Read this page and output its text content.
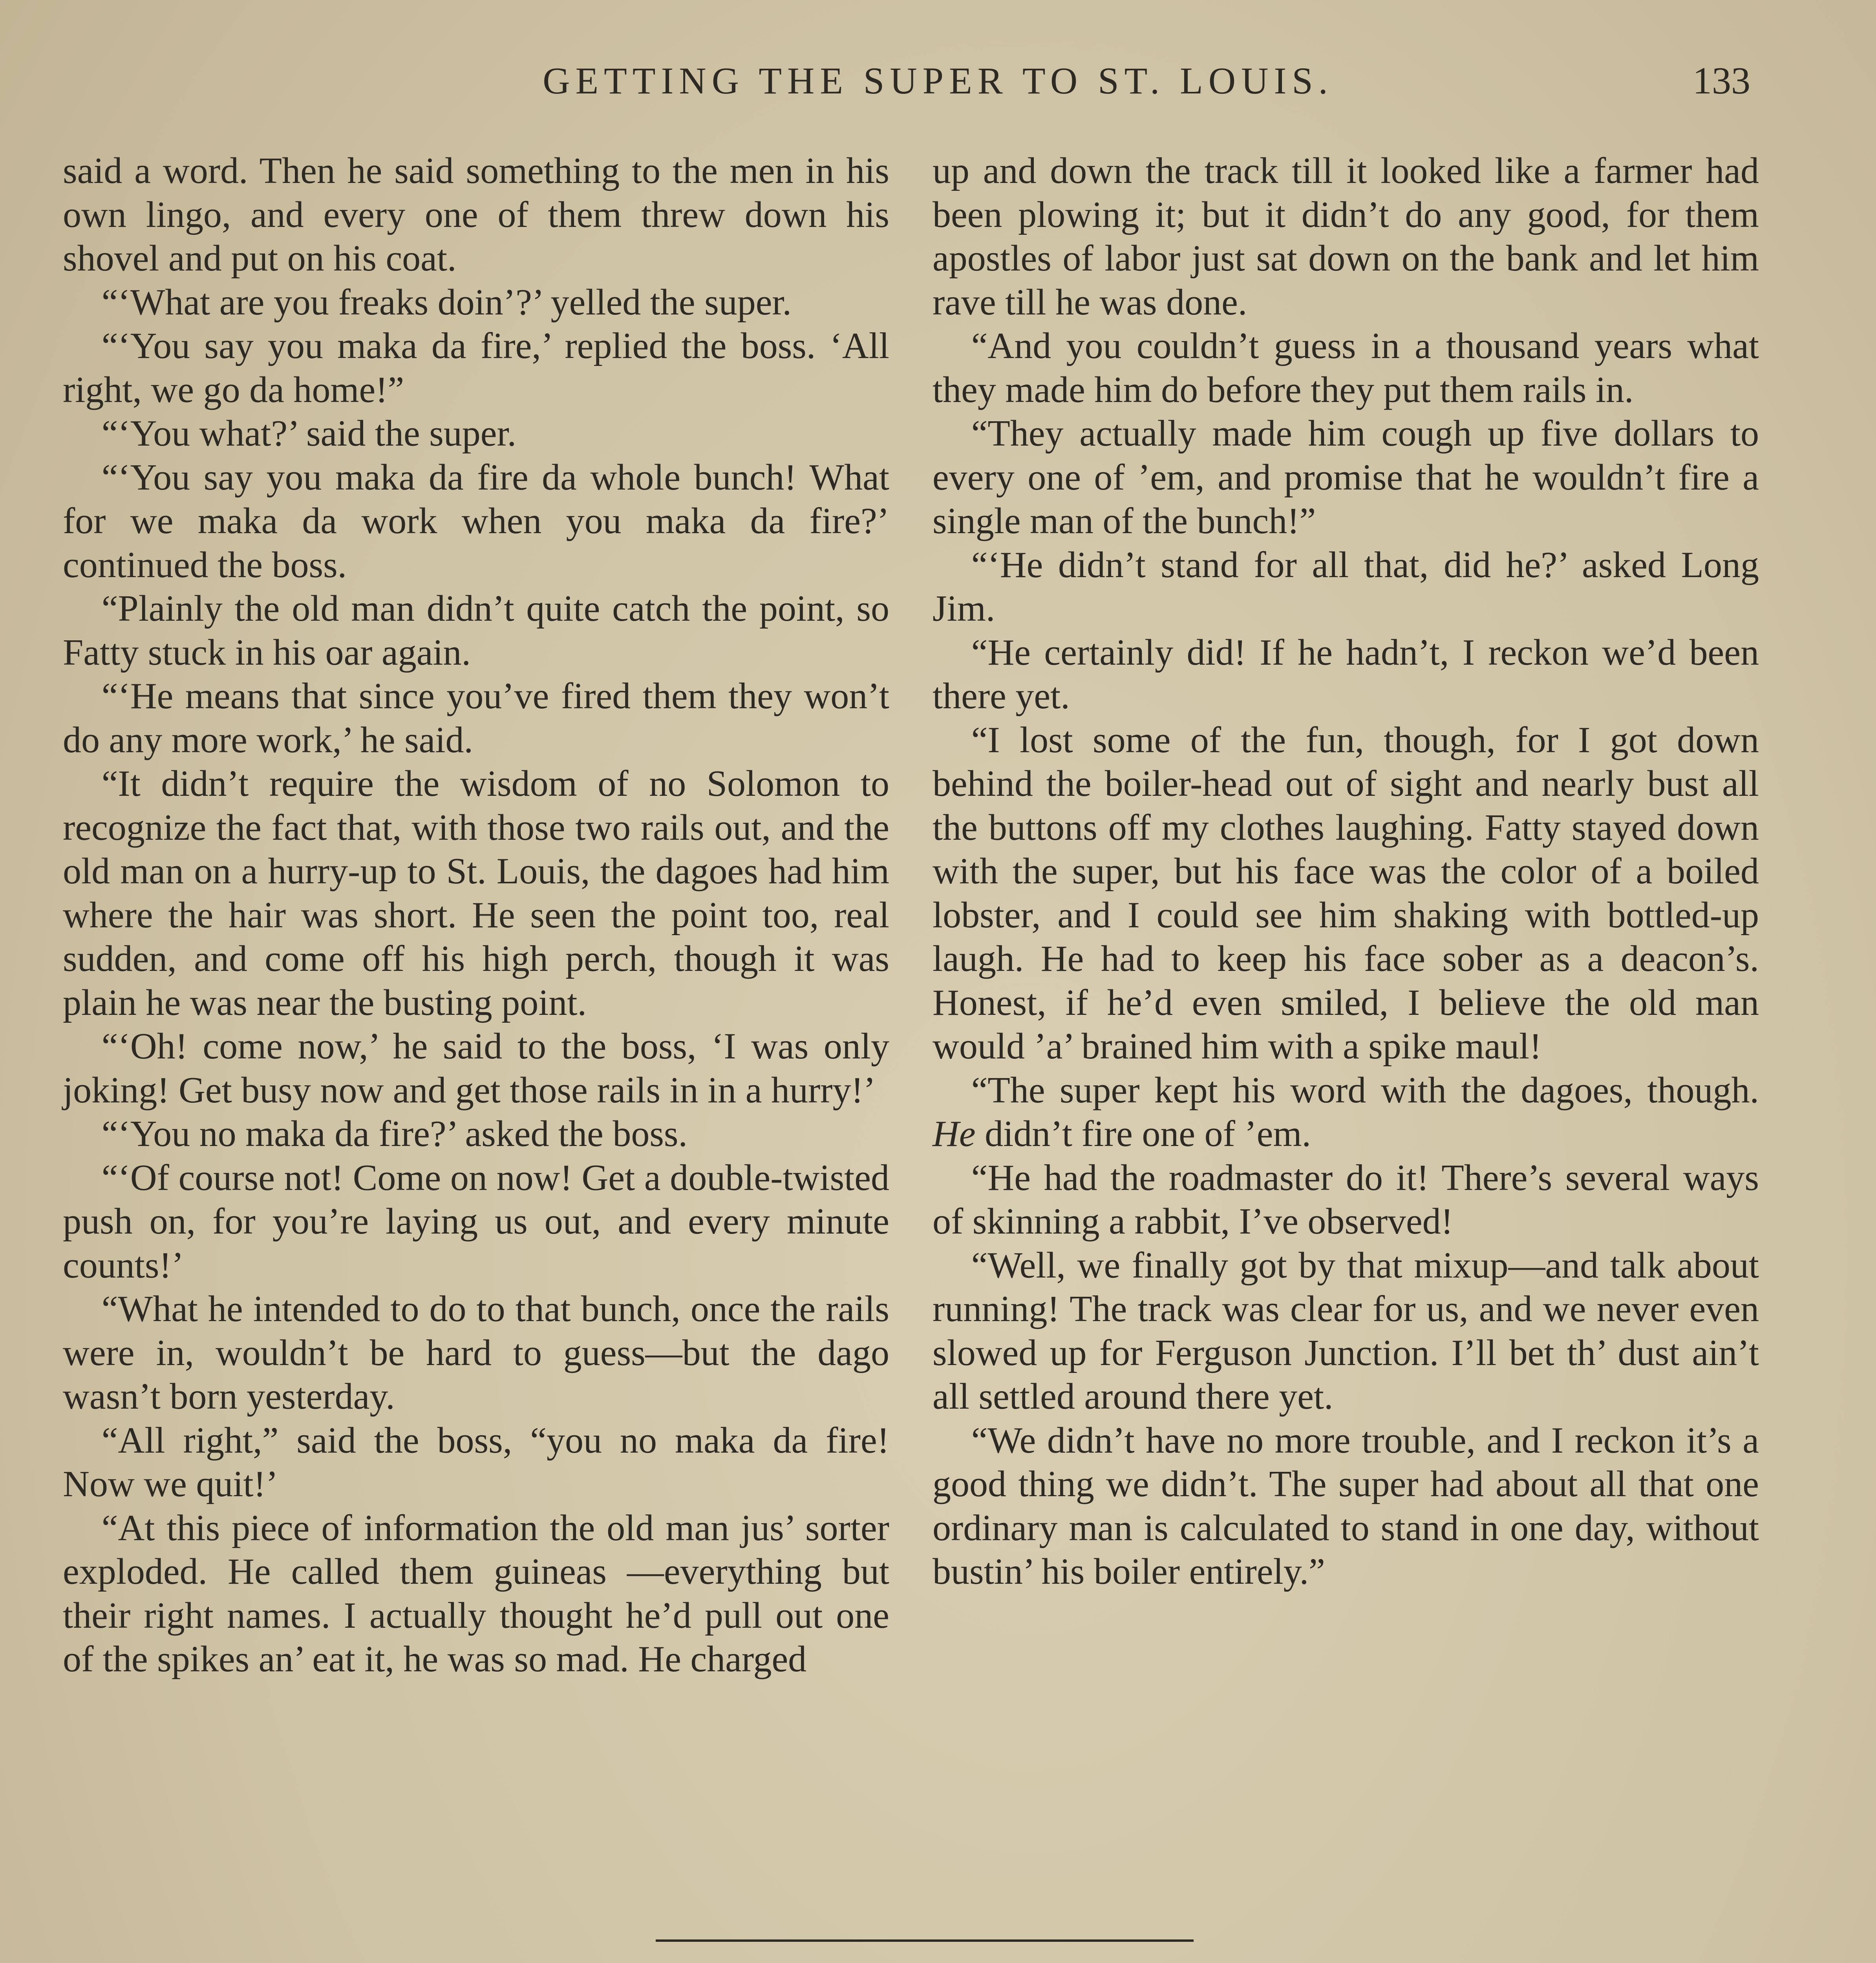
GETTING THE SUPER TO ST. LOUIS.	133

said a word. Then he said something to the men in his own lingo, and every one of them threw down his shovel and put on his coat.

“‘What are you freaks doin’?’ yelled the super.

“‘You say you maka da fire,’ replied the boss. ‘All right, we go da home!”

“‘You what?’ said the super.

“‘You say you maka da fire da whole bunch! What for we maka da work when you maka da fire?’ continued the boss.

“Plainly the old man didn’t quite catch the point, so Fatty stuck in his oar again.

“‘He means that since you’ve fired them they won’t do any more work,’ he said.

“It didn’t require the wisdom of no Solomon to recognize the fact that, with those two rails out, and the old man on a hurry-up to St. Louis, the dagoes had him where the hair was short. He seen the point too, real sudden, and come off his high perch, though it was plain he was near the busting point.

“‘Oh! come now,’ he said to the boss, ‘I was only joking! Get busy now and get those rails in in a hurry!’

“‘You no maka da fire?’ asked the boss.

“‘Of course not! Come on now! Get a double-twisted push on, for you’re laying us out, and every minute counts!’

“What he intended to do to that bunch, once the rails were in, wouldn’t be hard to guess—but the dago wasn’t born yesterday.

“All right,” said the boss, “you no maka da fire! Now we quit!’

“At this piece of information the old man jus’ sorter exploded. He called them guineas —everything but their right names. I actually thought he’d pull out one of the spikes an’ eat it, he was so mad. He charged

up and down the track till it looked like a farmer had been plowing it; but it didn’t do any good, for them apostles of labor just sat down on the bank and let him rave till he was done.

“And you couldn’t guess in a thousand years what they made him do before they put them rails in.

“They actually made him cough up five dollars to every one of ’em, and promise that he wouldn’t fire a single man of the bunch!”

“‘He didn’t stand for all that, did he?’ asked Long Jim.

“He certainly did! If he hadn’t, I reckon we’d been there yet.

“I lost some of the fun, though, for I got down behind the boiler-head out of sight and nearly bust all the buttons off my clothes laughing. Fatty stayed down with the super, but his face was the color of a boiled lobster, and I could see him shaking with bottled-up laugh. He had to keep his face sober as a deacon’s. Honest, if he’d even smiled, I believe the old man would ’a’ brained him with a spike maul!

“The super kept his word with the dagoes, though. He didn’t fire one of ’em.

“He had the roadmaster do it! There’s several ways of skinning a rabbit, I’ve observed!

“Well, we finally got by that mixup—and talk about running! The track was clear for us, and we never even slowed up for Ferguson Junction. I’ll bet th’ dust ain’t all settled around there yet.

“We didn’t have no more trouble, and I reckon it’s a good thing we didn’t. The super had about all that one ordinary man is calculated to stand in one day, without bustin’ his boiler entirely.”
